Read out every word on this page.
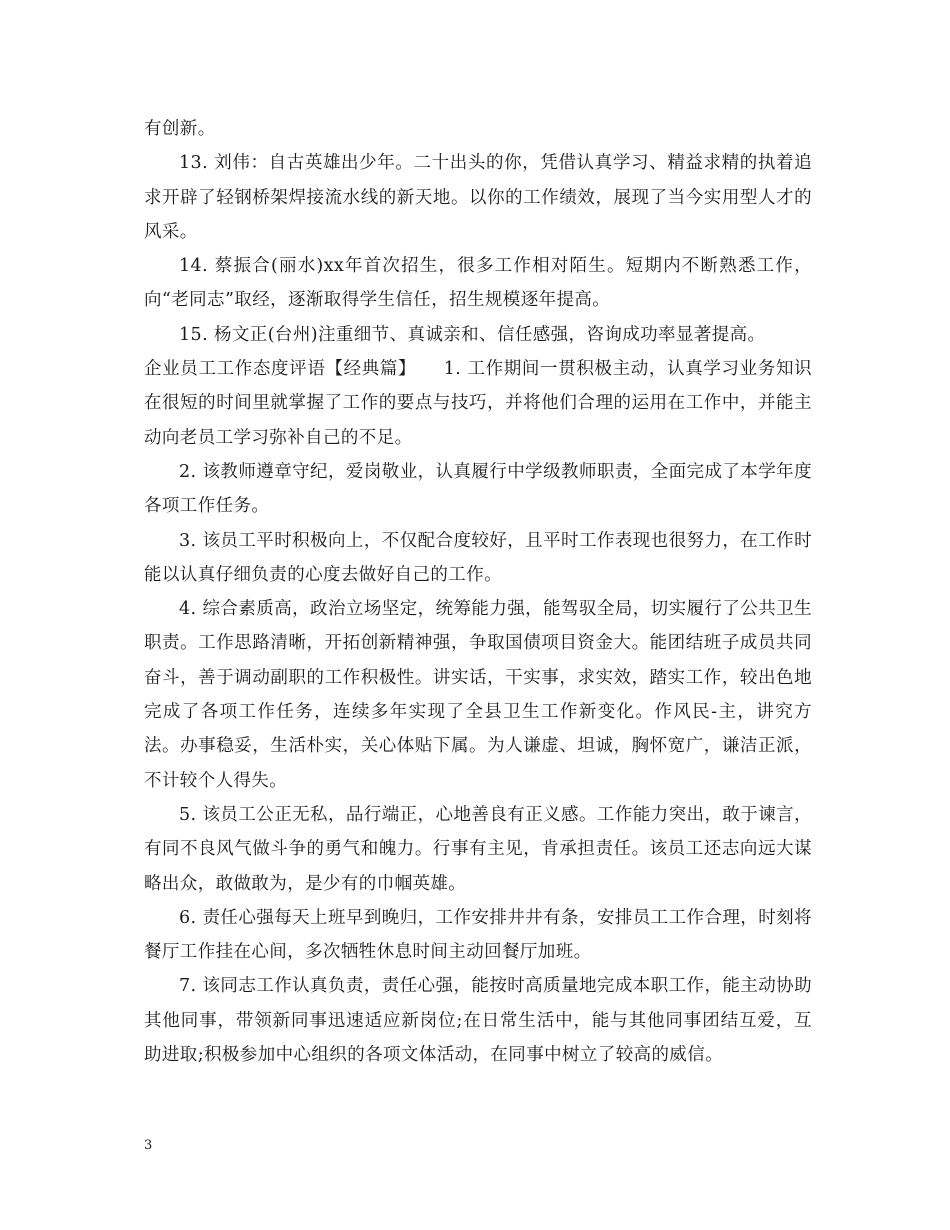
有创新。

13. 刘伟：自古英雄出少年。二十出头的你，凭借认真学习、精益求精的执着追求开辟了轻钢桥架焊接流水线的新天地。以你的工作绩效，展现了当今实用型人才的风采。

14. 蔡振合(丽水)xx年首次招生，很多工作相对陌生。短期内不断熟悉工作，向“老同志”取经，逐渐取得学生信任，招生规模逐年提高。

15. 杨文正(台州)注重细节、真诚亲和、信任感强，咨询成功率显著提高。

企业员工工作态度评语【经典篇】　　1. 工作期间一贯积极主动，认真学习业务知识在很短的时间里就掌握了工作的要点与技巧，并将他们合理的运用在工作中，并能主动向老员工学习弥补自己的不足。

2. 该教师遵章守纪，爱岗敬业，认真履行中学级教师职责，全面完成了本学年度各项工作任务。

3. 该员工平时积极向上，不仅配合度较好，且平时工作表现也很努力，在工作时能以认真仔细负责的心度去做好自己的工作。

4. 综合素质高，政治立场坚定，统筹能力强，能驾驭全局，切实履行了公共卫生职责。工作思路清晰，开拓创新精神强，争取国债项目资金大。能团结班子成员共同奋斗，善于调动副职的工作积极性。讲实话，干实事，求实效，踏实工作，较出色地完成了各项工作任务，连续多年实现了全县卫生工作新变化。作风民-主，讲究方法。办事稳妥，生活朴实，关心体贴下属。为人谦虚、坦诚，胸怀宽广，谦洁正派，不计较个人得失。

5. 该员工公正无私，品行端正，心地善良有正义感。工作能力突出，敢于谏言，有同不良风气做斗争的勇气和魄力。行事有主见，肯承担责任。该员工还志向远大谋略出众，敢做敢为，是少有的巾帼英雄。

6. 责任心强每天上班早到晚归，工作安排井井有条，安排员工工作合理，时刻将餐厅工作挂在心间，多次牺牲休息时间主动回餐厅加班。

7. 该同志工作认真负责，责任心强，能按时高质量地完成本职工作，能主动协助其他同事，带领新同事迅速适应新岗位;在日常生活中，能与其他同事团结互爱，互助进取;积极参加中心组织的各项文体活动，在同事中树立了较高的威信。

3
